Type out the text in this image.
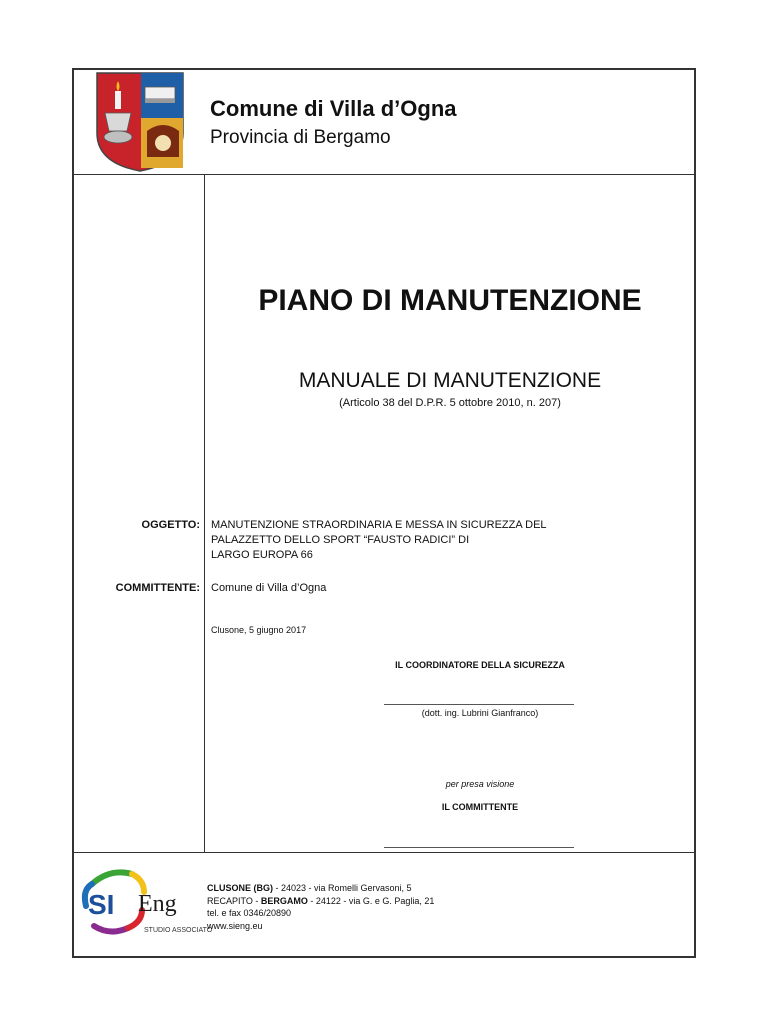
Comune di Villa d’Ogna
Provincia di Bergamo
PIANO DI MANUTENZIONE
MANUALE DI MANUTENZIONE
(Articolo 38 del D.P.R. 5 ottobre 2010, n. 207)
OGGETTO: MANUTENZIONE STRAORDINARIA E MESSA IN SICUREZZA DEL
PALAZZETTO DELLO SPORT “FAUSTO RADICI” DI
LARGO EUROPA 66
COMMITTENTE: Comune di Villa d’Ogna
Clusone, 5 giugno 2017
IL COORDINATORE DELLA SICUREZZA
(dott. ing. Lubrini Gianfranco)
per presa visione
IL COMMITTENTE
SI Eng
STUDIO ASSOCIATO
CLUSONE (BG) - 24023 - via Romelli Gervasoni, 5
RECAPITO - BERGAMO - 24122 - via G. e G. Paglia, 21
tel. e fax 0346/20890
www.sieng.eu
